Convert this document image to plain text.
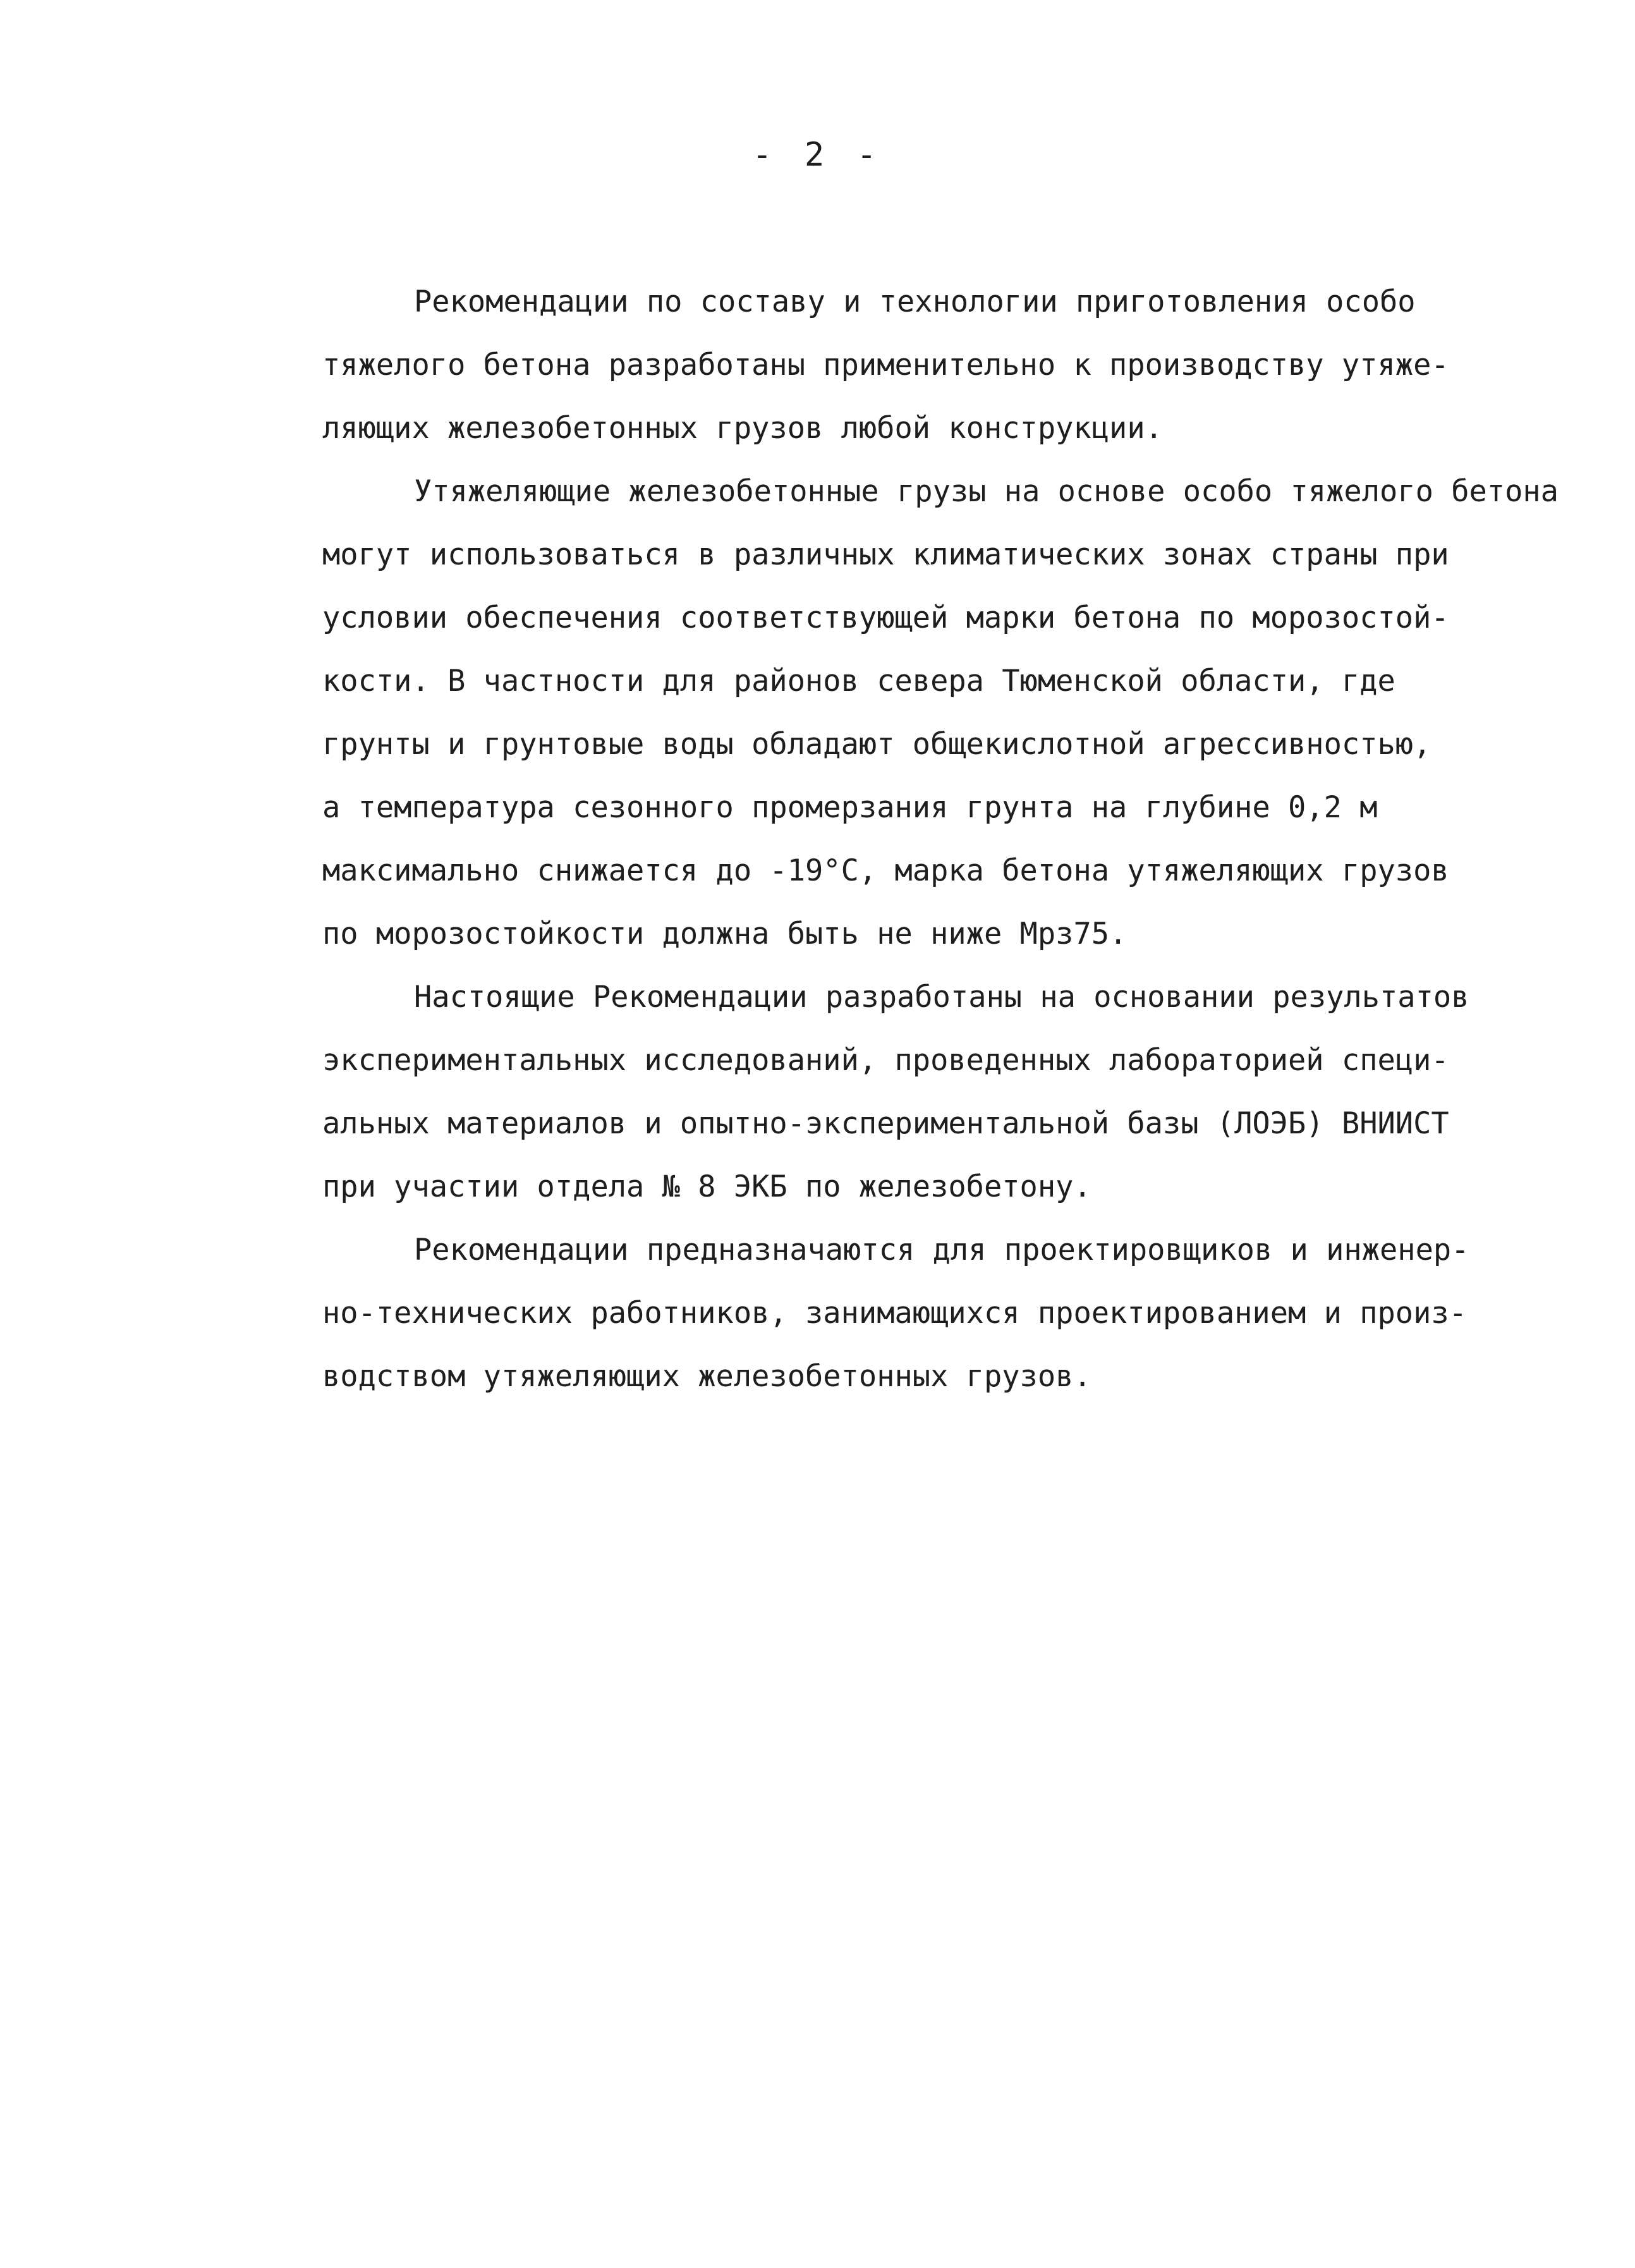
- 2 -
Рекомендации по составу и технологии приготовления особо
тяжелого бетона разработаны применительно к производству утяже-
ляющих железобетонных грузов любой конструкции.
Утяжеляющие железобетонные грузы на основе особо тяжелого бетона
могут использоваться в различных климатических зонах страны при
условии обеспечения соответствующей марки бетона по морозостой-
кости. В частности для районов севера Тюменской области, где
грунты и грунтовые воды обладают общекислотной агрессивностью,
а температура сезонного промерзания грунта на глубине 0,2 м
максимально снижается до -19°С, марка бетона утяжеляющих грузов
по морозостойкости должна быть не ниже Мрз75.
Настоящие Рекомендации разработаны на основании результатов
экспериментальных исследований, проведенных лабораторией специ-
альных материалов и опытно-экспериментальной базы (ЛОЭБ) ВНИИСТ
при участии отдела № 8 ЭКБ по железобетону.
Рекомендации предназначаются для проектировщиков и инженер-
но-технических работников, занимающихся проектированием и произ-
водством утяжеляющих железобетонных грузов.
